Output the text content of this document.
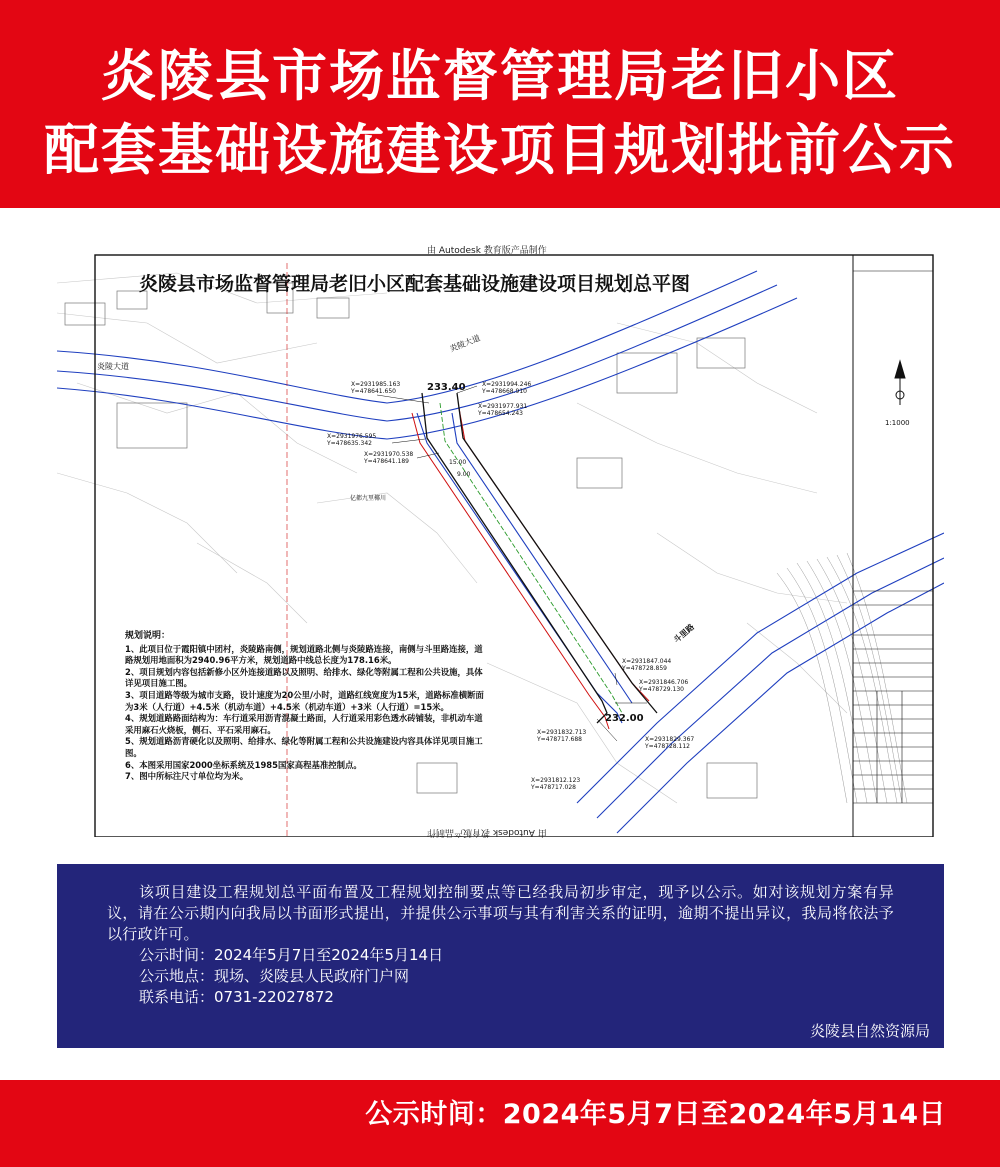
炎陵县市场监督管理局老旧小区
配套基础设施建设项目规划批前公示
由 Autodesk 教育版产品制作
由 Autodesk 教育版产品制作
炎陵县市场监督管理局老旧小区配套基础设施建设项目规划总平图
炎陵大道
炎陵大道
斗里路
亿都九里椰川
1:1000
233.40
232.00
15.00
9.00
X=2931985.163
Y=478641.650
X=2931994.246
Y=478668.910
X=2931977.931
Y=478654.243
X=2931976.595
Y=478635.342
X=2931970.538
Y=478641.189
X=2931847.044
Y=478728.859
X=2931846.706
Y=478729.130
X=2931832.713
Y=478717.688	X=2931829.367
Y=478728.112
X=2931812.123
Y=478717.028

规划说明：

1、此项目位于霞阳镇中团村，炎陵路南侧，规划道路北侧与炎陵路连接，南侧与斗里路连接，道路规划用地面积为2940.96平方米，规划道路中线总长度为178.16米。

2、项目规划内容包括新修小区外连接道路以及照明、给排水、绿化等附属工程和公共设施，具体详见项目施工图。

3、项目道路等级为城市支路，设计速度为20公里/小时，道路红线宽度为15米，道路标准横断面为3米（人行道）+4.5米（机动车道）+4.5米（机动车道）+3米（人行道）=15米。

4、规划道路路面结构为：车行道采用沥青混凝土路面，人行道采用彩色透水砖铺装，非机动车道采用麻石火烧板，侧石、平石采用麻石。

5、规划道路沥青硬化以及照明、给排水、绿化等附属工程和公共设施建设内容具体详见项目施工图。

6、本图采用国家2000坐标系统及1985国家高程基准控制点。

7、图中所标注尺寸单位均为米。

该项目建设工程规划总平面布置及工程规划控制要点等已经我局初步审定，现予以公示。如对该规划方案有异议，请在公示期内向我局以书面形式提出，并提供公示事项与其有利害关系的证明，逾期不提出异议，我局将依法予以行政许可。
公示时间：2024年5月7日至2024年5月14日
公示地点：现场、炎陵县人民政府门户网
联系电话：0731-22027872
炎陵县自然资源局
公示时间：2024年5月7日至2024年5月14日
